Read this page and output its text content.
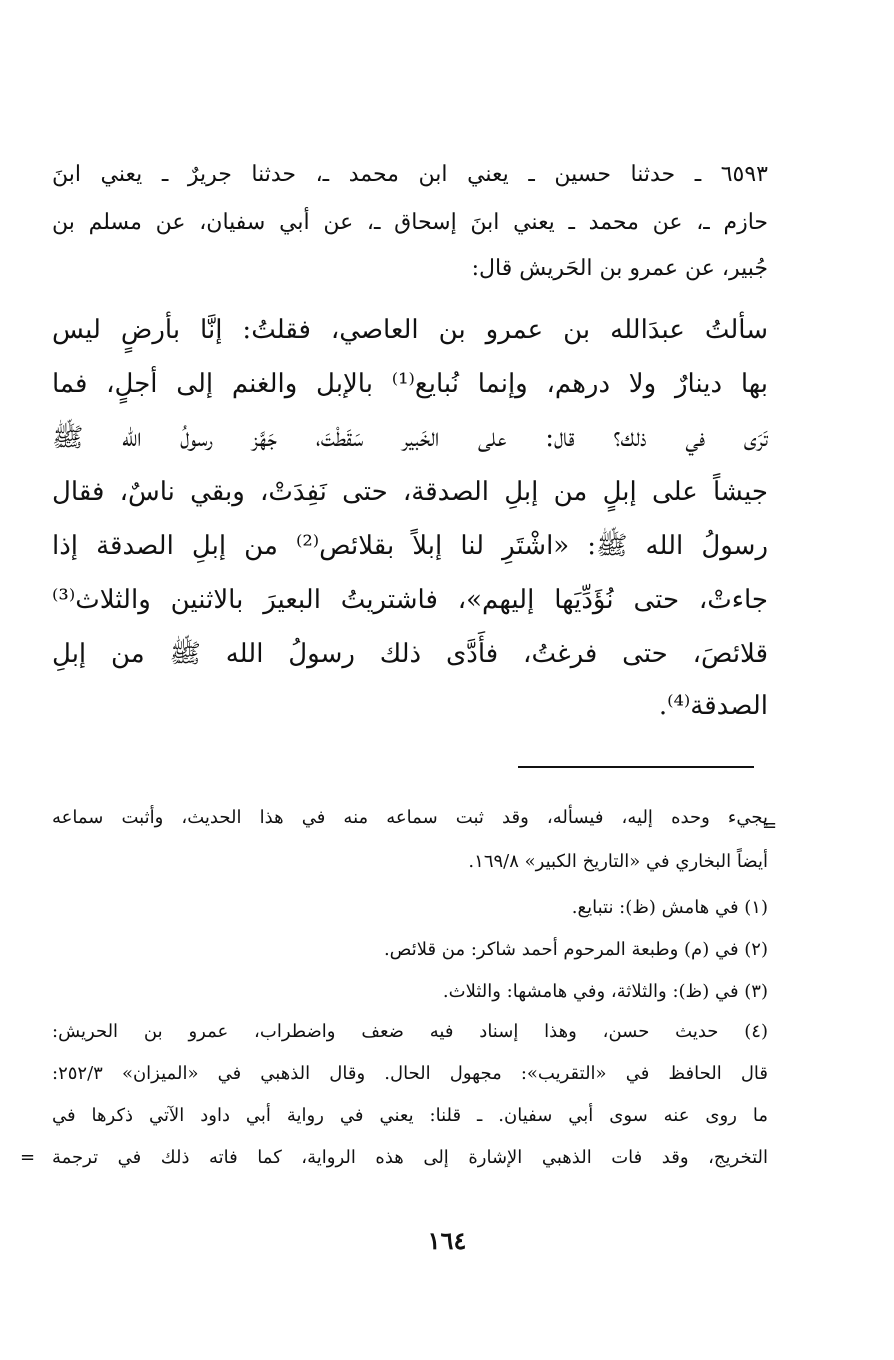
٦٥٩٣ ـ حدثنا حسين ـ يعني ابن محمد ـ، حدثنا جريرٌ ـ يعني ابنَ
حازم ـ، عن محمد ـ يعني ابنَ إسحاق ـ، عن أبي سفيان، عن مسلم بن
جُبير، عن عمرو بن الحَريش قال:
سألتُ عبدَالله بن عمرو بن العاصي، فقلتُ: إنَّا بأرضٍ ليس
بها دينارٌ ولا درهم، وإنما نُبايع⁽¹⁾ بالإبل والغنم إلى أجلٍ، فما
تَرَى في ذلك؟ قال: على الخَبير سَقَطْتَ، جَهَّز رسولُ الله ﷺ
جيشاً على إبلٍ من إبلِ الصدقة، حتى نَفِدَتْ، وبقي ناسٌ، فقال
رسولُ الله ﷺ: «اشْتَرِ لنا إبلاً بقلائص⁽²⁾ من إبلِ الصدقة إذا
جاءتْ، حتى نُؤَدِّيَها إليهم»، فاشتريتُ البعيرَ بالاثنين والثلاث⁽³⁾
قلائصَ، حتى فرغتُ، فأَدَّى ذلك رسولُ الله ﷺ من إبلِ
الصدقة⁽⁴⁾.
=
يجيء وحده إليه، فيسأله، وقد ثبت سماعه منه في هذا الحديث، وأثبت سماعه
أيضاً البخاري في «التاريخ الكبير» ١٦٩/٨.
(١) في هامش (ظ): نتبايع.
(٢) في (م) وطبعة المرحوم أحمد شاكر: من قلائص.
(٣) في (ظ): والثلاثة، وفي هامشها: والثلاث.
(٤) حديث حسن، وهذا إسناد فيه ضعف واضطراب، عمرو بن الحريش:
قال الحافظ في «التقريب»: مجهول الحال. وقال الذهبي في «الميزان» ٢٥٢/٣:
ما روى عنه سوى أبي سفيان. ـ قلنا: يعني في رواية أبي داود الآتي ذكرها في
التخريج، وقد فات الذهبي الإشارة إلى هذه الرواية، كما فاته ذلك في ترجمة
=
١٦٤
